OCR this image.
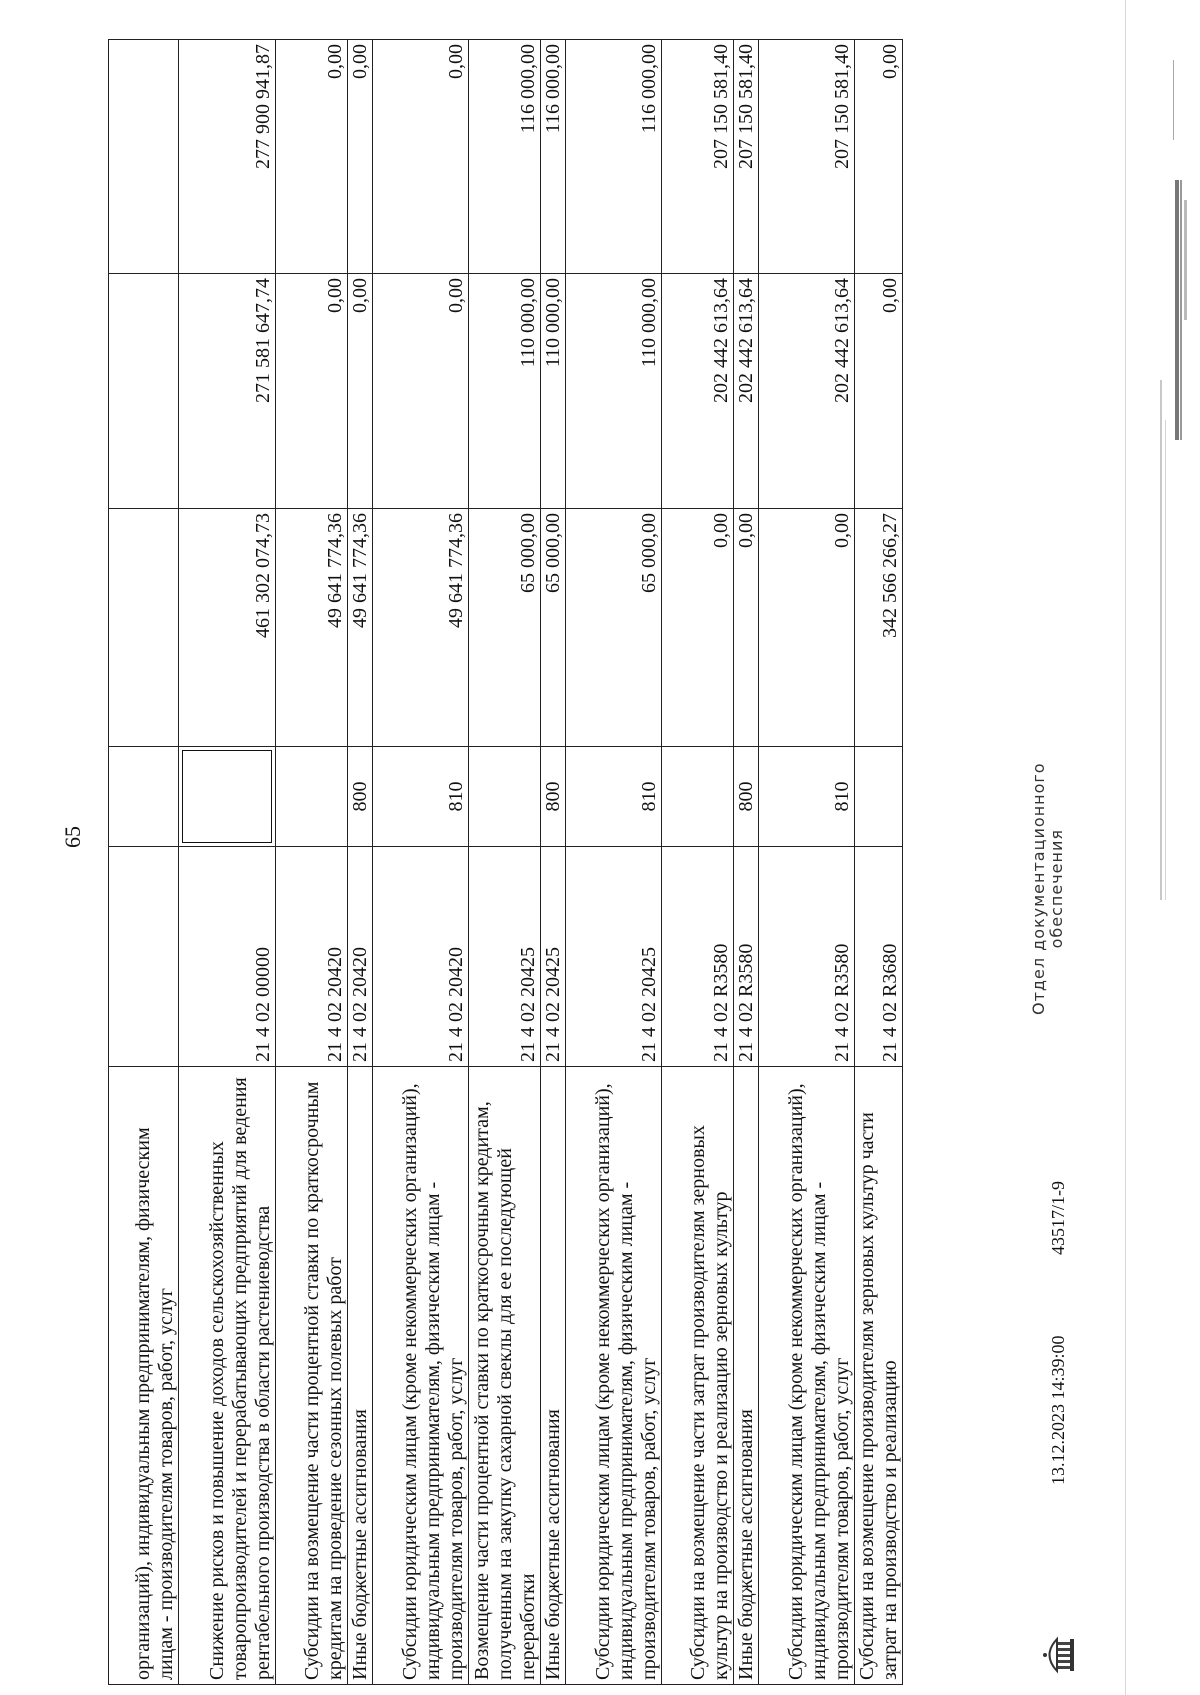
65
организаций), индивидуальным предпринимателям, физическим лицам - производителям товаров, работ, услуг					
Снижение рисков и повышение доходов сельскохозяйственных товаропроизводителей и перерабатывающих предприятий для ведения рентабельного производства в области растениеводства	21 4 02 00000		461 302 074,73	271 581 647,74	277 900 941,87
Субсидии на возмещение части процентной ставки по краткосрочным кредитам на проведение сезонных полевых работ	21 4 02 20420		49 641 774,36	0,00	0,00
Иные бюджетные ассигнования	21 4 02 20420	800	49 641 774,36	0,00	0,00
Субсидии юридическим лицам (кроме некоммерческих организаций), индивидуальным предпринимателям, физическим лицам - производителям товаров, работ, услуг	21 4 02 20420	810	49 641 774,36	0,00	0,00
Возмещение части процентной ставки по краткосрочным кредитам, полученным на закупку сахарной свеклы для ее последующей переработки	21 4 02 20425		65 000,00	110 000,00	116 000,00
Иные бюджетные ассигнования	21 4 02 20425	800	65 000,00	110 000,00	116 000,00
Субсидии юридическим лицам (кроме некоммерческих организаций), индивидуальным предпринимателям, физическим лицам - производителям товаров, работ, услуг	21 4 02 20425	810	65 000,00	110 000,00	116 000,00
Субсидии на возмещение части затрат производителям зерновых культур на производство и реализацию зерновых культур	21 4 02 R3580		0,00	202 442 613,64	207 150 581,40
Иные бюджетные ассигнования	21 4 02 R3580	800	0,00	202 442 613,64	207 150 581,40
Субсидии юридическим лицам (кроме некоммерческих организаций), индивидуальным предпринимателям, физическим лицам - производителям товаров, работ, услуг	21 4 02 R3580	810	0,00	202 442 613,64	207 150 581,40
Субсидии на возмещение производителям зерновых культур части затрат на производство и реализацию	21 4 02 R3680		342 566 266,27	0,00	0,00
13.12.2023 14:39:00
43517/1-9
Отдел документационного обеспечения
